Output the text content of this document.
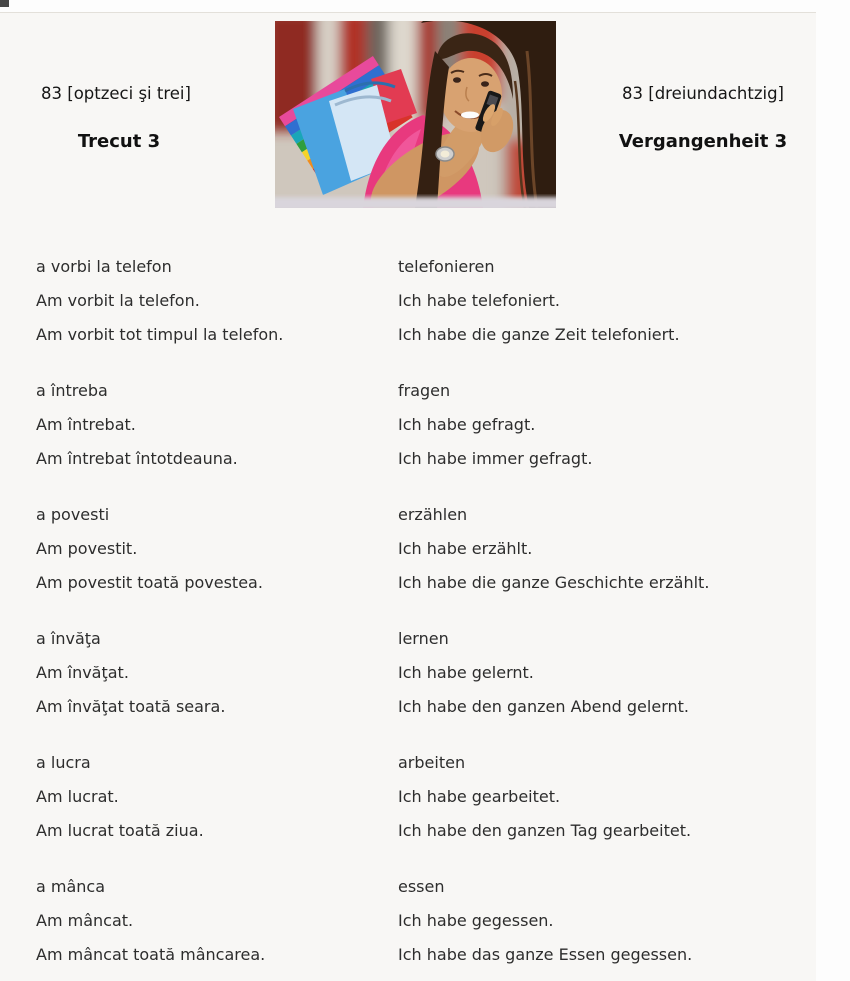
83 [optzeci şi trei]
Trecut 3
83 [dreiundachtzig]
Vergangenheit 3
a vorbi la telefon
Am vorbit la telefon.
Am vorbit tot timpul la telefon.
telefonieren
Ich habe telefoniert.
Ich habe die ganze Zeit telefoniert.
a întreba
Am întrebat.
Am întrebat întotdeauna.
fragen
Ich habe gefragt.
Ich habe immer gefragt.
a povesti
Am povestit.
Am povestit toată povestea.
erzählen
Ich habe erzählt.
Ich habe die ganze Geschichte erzählt.
a învăţa
Am învăţat.
Am învăţat toată seara.
lernen
Ich habe gelernt.
Ich habe den ganzen Abend gelernt.
a lucra
Am lucrat.
Am lucrat toată ziua.
arbeiten
Ich habe gearbeitet.
Ich habe den ganzen Tag gearbeitet.
a mânca
Am mâncat.
Am mâncat toată mâncarea.
essen
Ich habe gegessen.
Ich habe das ganze Essen gegessen.
